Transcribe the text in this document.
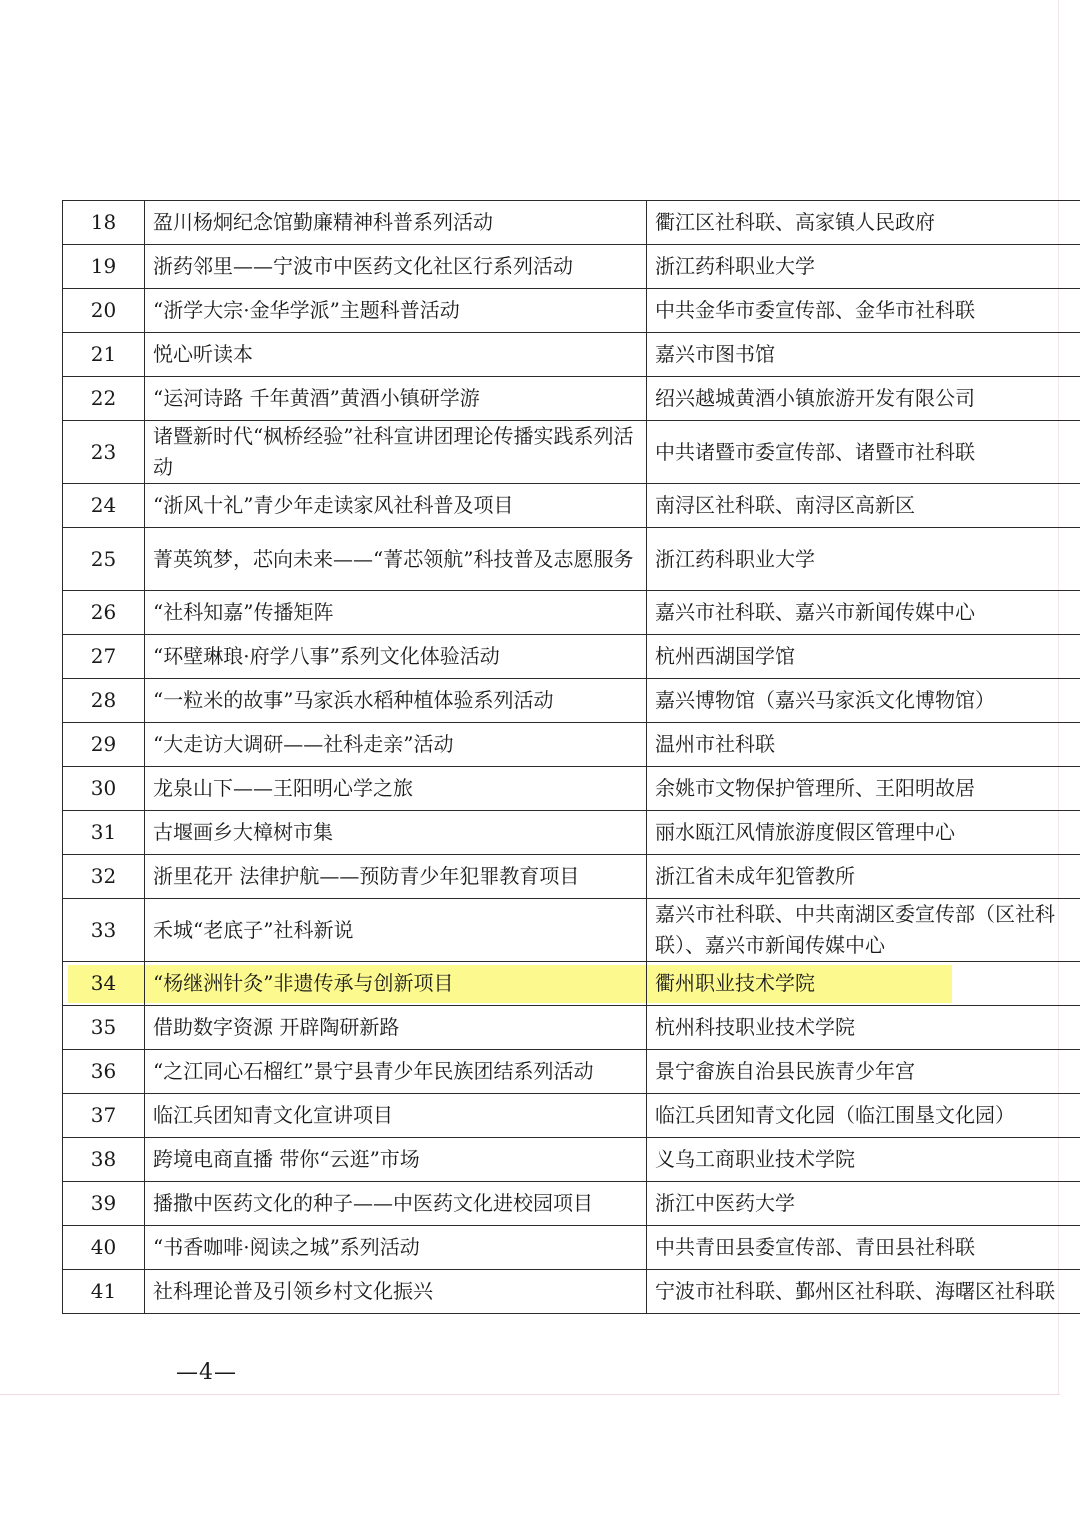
18	盈川杨炯纪念馆勤廉精神科普系列活动	衢江区社科联、高家镇人民政府
19	浙药邻里——宁波市中医药文化社区行系列活动	浙江药科职业大学
20	“浙学大宗·金华学派”主题科普活动	中共金华市委宣传部、金华市社科联
21	悦心听读本	嘉兴市图书馆
22	“运河诗路 千年黄酒”黄酒小镇研学游	绍兴越城黄酒小镇旅游开发有限公司
23	诸暨新时代“枫桥经验”社科宣讲团理论传播实践系列活动	中共诸暨市委宣传部、诸暨市社科联
24	“浙风十礼”青少年走读家风社科普及项目	南浔区社科联、南浔区高新区
25	菁英筑梦，芯向未来——“菁芯领航”科技普及志愿服务	浙江药科职业大学
26	“社科知嘉”传播矩阵	嘉兴市社科联、嘉兴市新闻传媒中心
27	“环壁琳琅·府学八事”系列文化体验活动	杭州西湖国学馆
28	“一粒米的故事”马家浜水稻种植体验系列活动	嘉兴博物馆（嘉兴马家浜文化博物馆）
29	“大走访大调研——社科走亲”活动	温州市社科联
30	龙泉山下——王阳明心学之旅	余姚市文物保护管理所、王阳明故居
31	古堰画乡大樟树市集	丽水瓯江风情旅游度假区管理中心
32	浙里花开 法律护航——预防青少年犯罪教育项目	浙江省未成年犯管教所
33	禾城“老底子”社科新说	嘉兴市社科联、中共南湖区委宣传部（区社科联）、嘉兴市新闻传媒中心
34	“杨继洲针灸”非遗传承与创新项目	衢州职业技术学院
35	借助数字资源 开辟陶研新路	杭州科技职业技术学院
36	“之江同心石榴红”景宁县青少年民族团结系列活动	景宁畲族自治县民族青少年宫
37	临江兵团知青文化宣讲项目	临江兵团知青文化园（临江围垦文化园）
38	跨境电商直播 带你“云逛”市场	义乌工商职业技术学院
39	播撒中医药文化的种子——中医药文化进校园项目	浙江中医药大学
40	“书香咖啡·阅读之城”系列活动	中共青田县委宣传部、青田县社科联
41	社科理论普及引领乡村文化振兴	宁波市社科联、鄞州区社科联、海曙区社科联
—4—
